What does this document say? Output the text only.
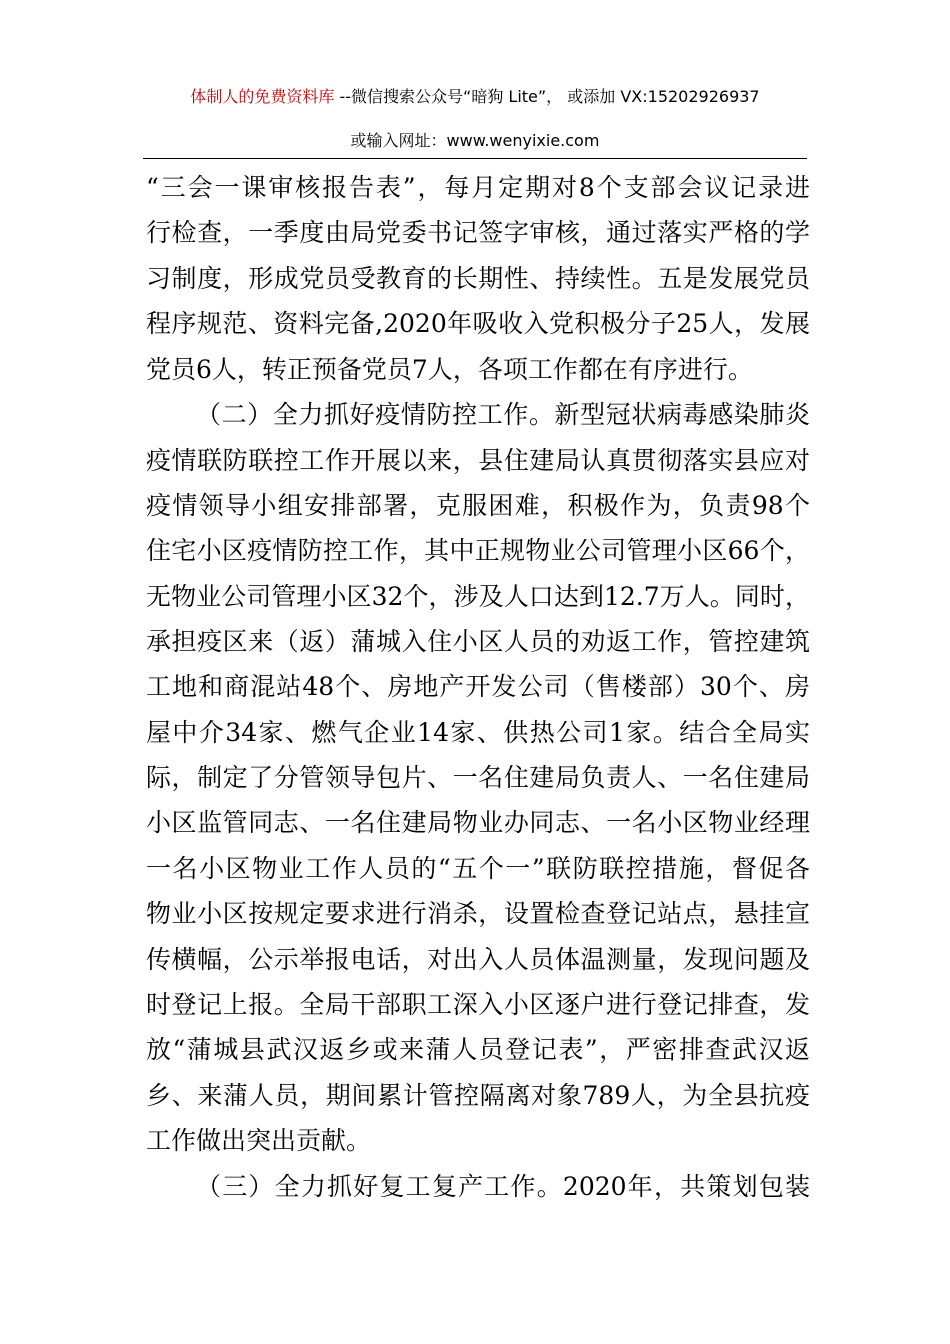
体制人的免费资料库 --微信搜索公众号“暗狗 Lite”， 或添加 VX:15202926937
或输入网址：www.wenyixie.com
“三会一课审核报告表”，每月定期对8个支部会议记录进
行检查，一季度由局党委书记签字审核，通过落实严格的学
习制度，形成党员受教育的长期性、持续性。五是发展党员
程序规范、资料完备,2020年吸收入党积极分子25人，发展
党员6人，转正预备党员7人，各项工作都在有序进行。
（二）全力抓好疫情防控工作。新型冠状病毒感染肺炎
疫情联防联控工作开展以来，县住建局认真贯彻落实县应对
疫情领导小组安排部署，克服困难，积极作为，负责98个
住宅小区疫情防控工作，其中正规物业公司管理小区66个，
无物业公司管理小区32个，涉及人口达到12.7万人。同时，
承担疫区来（返）蒲城入住小区人员的劝返工作，管控建筑
工地和商混站48个、房地产开发公司（售楼部）30个、房
屋中介34家、燃气企业14家、供热公司1家。结合全局实
际，制定了分管领导包片、一名住建局负责人、一名住建局
小区监管同志、一名住建局物业办同志、一名小区物业经理
一名小区物业工作人员的“五个一”联防联控措施，督促各
物业小区按规定要求进行消杀，设置检查登记站点，悬挂宣
传横幅，公示举报电话，对出入人员体温测量，发现问题及
时登记上报。全局干部职工深入小区逐户进行登记排查，发
放“蒲城县武汉返乡或来蒲人员登记表”，严密排查武汉返
乡、来蒲人员，期间累计管控隔离对象789人，为全县抗疫
工作做出突出贡献。
（三）全力抓好复工复产工作。2020年，共策划包装
